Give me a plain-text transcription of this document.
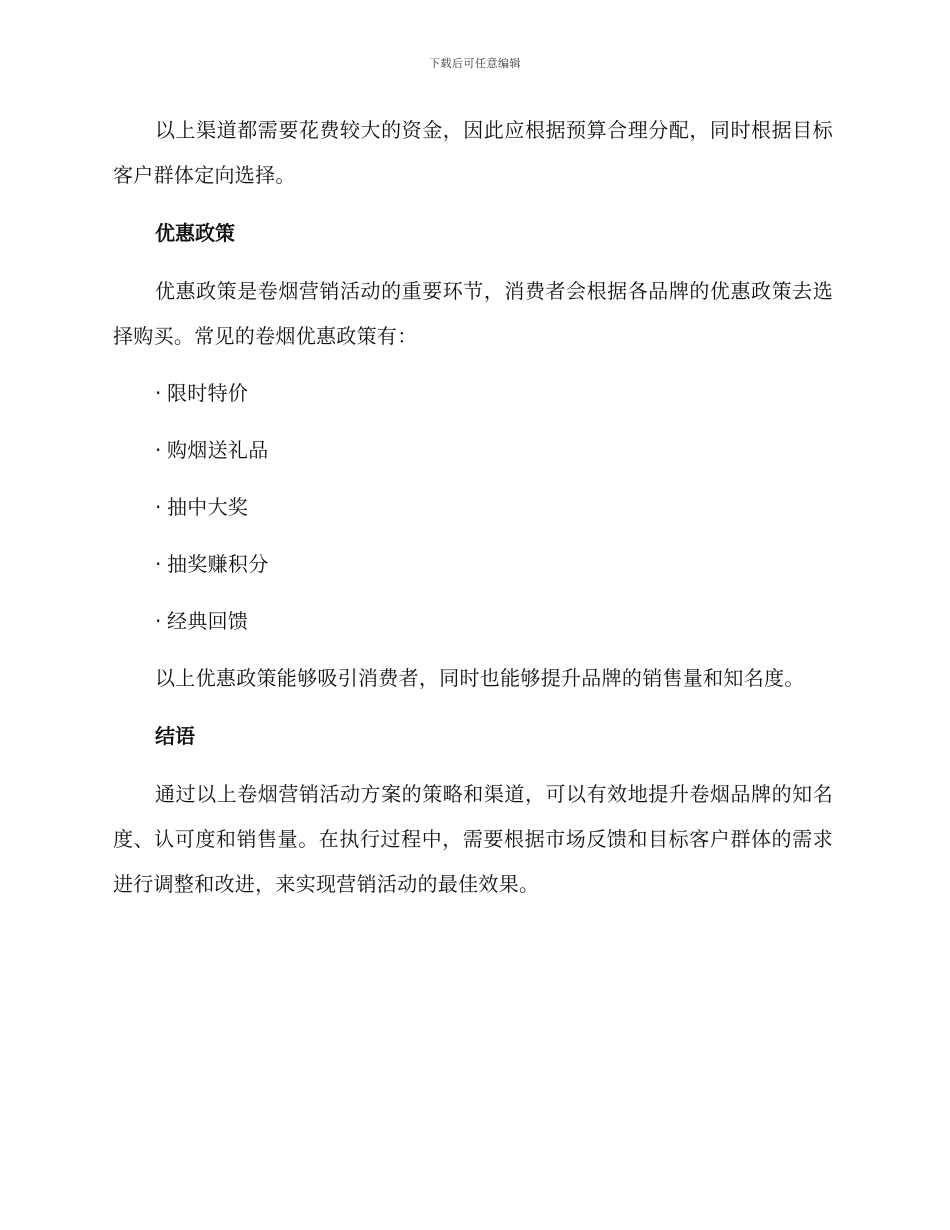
下载后可任意编辑

以上渠道都需要花费较大的资金，因此应根据预算合理分配，同时根据目标客户群体定向选择。

优惠政策

优惠政策是卷烟营销活动的重要环节，消费者会根据各品牌的优惠政策去选择购买。常见的卷烟优惠政策有：

· 限时特价
· 购烟送礼品
· 抽中大奖
· 抽奖赚积分
· 经典回馈

以上优惠政策能够吸引消费者，同时也能够提升品牌的销售量和知名度。

结语

通过以上卷烟营销活动方案的策略和渠道，可以有效地提升卷烟品牌的知名度、认可度和销售量。在执行过程中，需要根据市场反馈和目标客户群体的需求进行调整和改进，来实现营销活动的最佳效果。
